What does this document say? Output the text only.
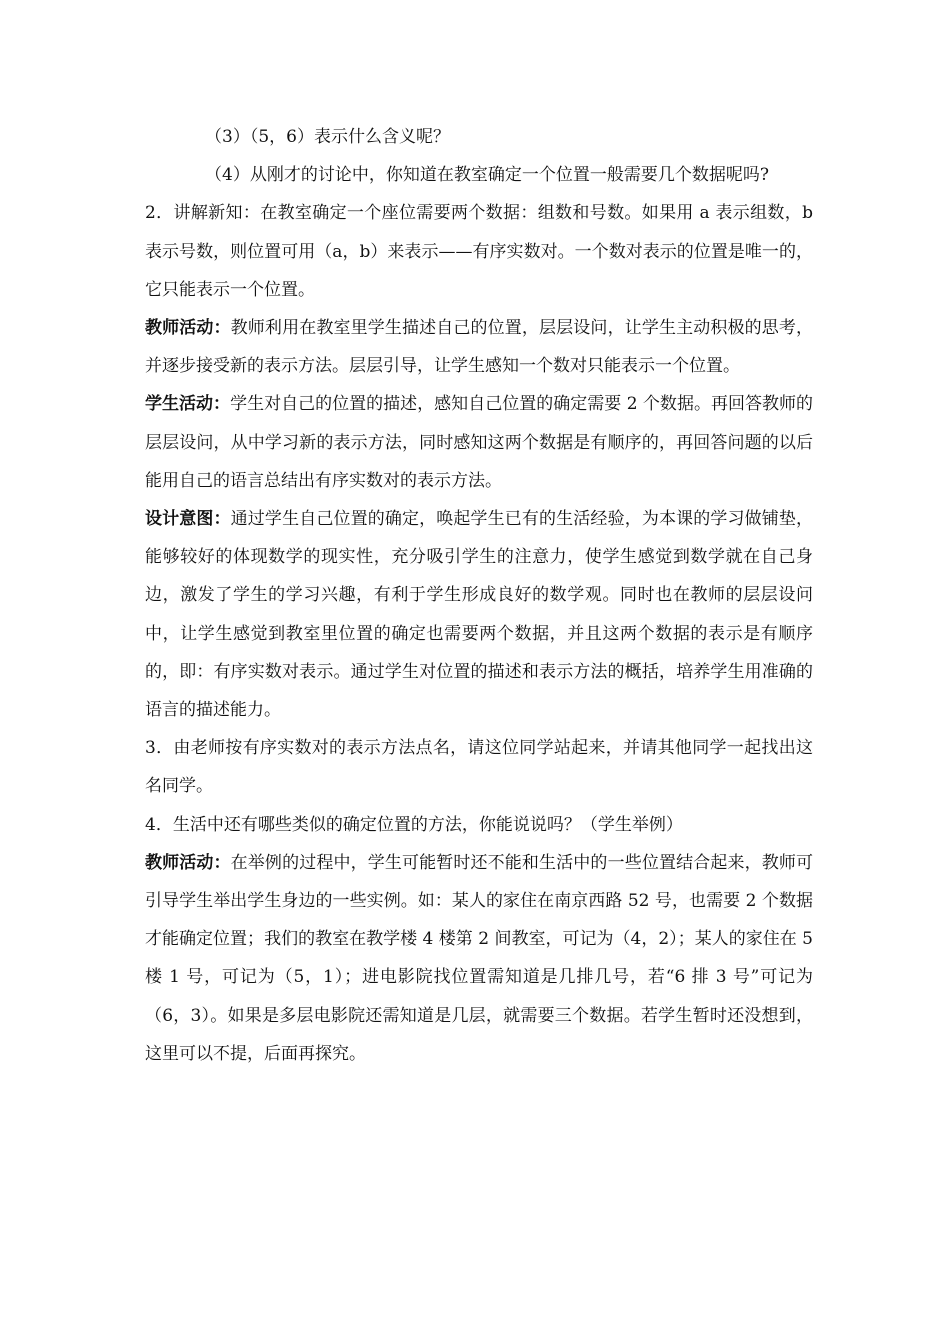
（3）（5，6）表示什么含义呢？

（4）从刚才的讨论中，你知道在教室确定一个位置一般需要几个数据呢吗?

2．讲解新知：在教室确定一个座位需要两个数据：组数和号数。如果用 a 表示组数，b 表示号数，则位置可用（a，b）来表示——有序实数对。一个数对表示的位置是唯一的，它只能表示一个位置。

教师活动：教师利用在教室里学生描述自己的位置，层层设问，让学生主动积极的思考，并逐步接受新的表示方法。层层引导，让学生感知一个数对只能表示一个位置。

学生活动：学生对自己的位置的描述，感知自己位置的确定需要 2 个数据。再回答教师的层层设问，从中学习新的表示方法，同时感知这两个数据是有顺序的，再回答问题的以后能用自己的语言总结出有序实数对的表示方法。

设计意图：通过学生自己位置的确定，唤起学生已有的生活经验，为本课的学习做铺垫，能够较好的体现数学的现实性，充分吸引学生的注意力，使学生感觉到数学就在自己身边，激发了学生的学习兴趣，有利于学生形成良好的数学观。同时也在教师的层层设问中，让学生感觉到教室里位置的确定也需要两个数据，并且这两个数据的表示是有顺序的，即：有序实数对表示。通过学生对位置的描述和表示方法的概括，培养学生用准确的语言的描述能力。

3．由老师按有序实数对的表示方法点名，请这位同学站起来，并请其他同学一起找出这名同学。

4．生活中还有哪些类似的确定位置的方法，你能说说吗？（学生举例）

教师活动：在举例的过程中，学生可能暂时还不能和生活中的一些位置结合起来，教师可引导学生举出学生身边的一些实例。如：某人的家住在南京西路 52 号，也需要 2 个数据才能确定位置；我们的教室在教学楼 4 楼第 2 间教室，可记为（4，2）；某人的家住在 5 楼 1 号，可记为（5，1）；进电影院找位置需知道是几排几号，若“6 排 3 号”可记为（6，3）。如果是多层电影院还需知道是几层，就需要三个数据。若学生暂时还没想到，这里可以不提，后面再探究。
